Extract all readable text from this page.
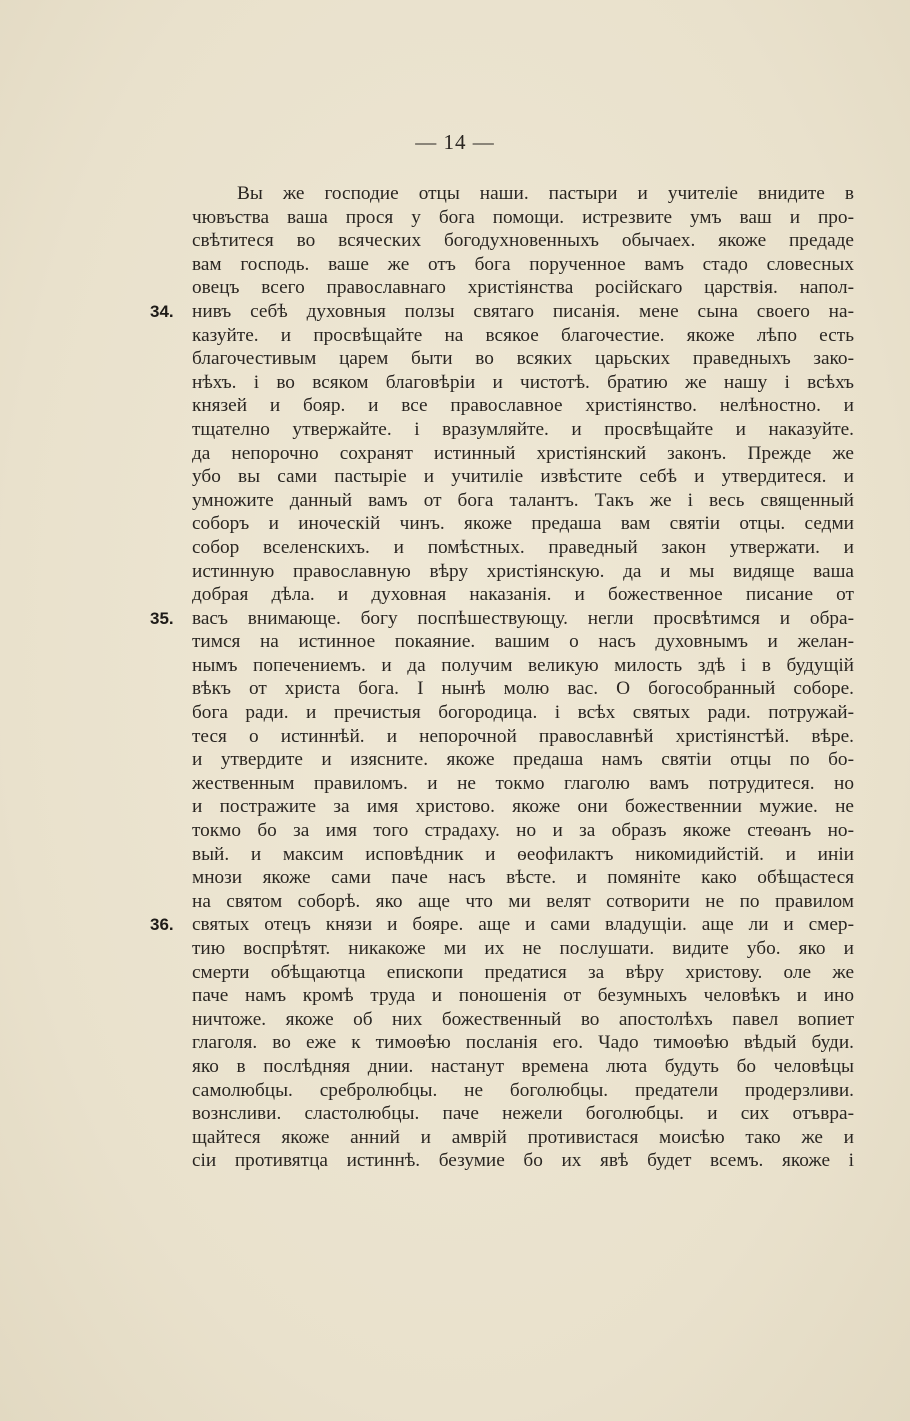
— 14 —
Вы же господие отцы наши. пастыри и учителіе внидите в
чювъства ваша прося у бога помощи. истрезвите умъ ваш и про-
свѣтитеся во всяческих богодухновенныхъ обычаех. якоже предаде
вам господь. ваше же отъ бога порученное вамъ стадо словесных
овецъ всего православнаго христіянства російскаго царствія. напол-
34. нивъ себѣ духовныя ползы святаго писанія. мене сына своего на-
казуйте. и просвѣщайте на всякое благочестие. якоже лѣпо есть
благочестивым царем быти во всяких царьских праведныхъ зако-
нѣхъ. і во всяком благовѣріи и чистотѣ. братию же нашу і всѣхъ
князей и бояр. и все православное христіянство. нелѣностно. и
тщателно утвержайте. і вразумляйте. и просвѣщайте и наказуйте.
да непорочно сохранят истинный христіянский законъ. Прежде же
убо вы сами пастыріе и учитиліе извѣстите себѣ и утвердитеся. и
умножите данный вамъ от бога талантъ. Такъ же і весь священный
соборъ и иноческій чинъ. якоже предаша вам святіи отцы. седми
собор вселенскихъ. и помѣстных. праведный закон утвержати. и
истинную православную вѣру христіянскую. да и мы видяще ваша
добрая дѣла. и духовная наказанія. и божественное писание от
35. васъ внимающе. богу поспѣшествующу. негли просвѣтимся и обра-
тимся на истинное покаяние. вашим о насъ духовнымъ и желан-
нымъ попечениемъ. и да получим великую милость здѣ і в будущій
вѣкъ от христа бога. І нынѣ молю вас. О богособранный соборе.
бога ради. и пречистыя богородица. і всѣх святых ради. потружай-
теся о истиннѣй. и непорочной православнѣй христіянстѣй. вѣре.
и утвердите и изясните. якоже предаша намъ святіи отцы по бо-
жественным правиломъ. и не токмо глаголю вамъ потрудитеся. но
и постражите за имя христово. якоже они божественнии мужие. не
токмо бо за имя того страдаху. но и за образъ якоже стеѳанъ но-
вый. и максим исповѣдник и ѳеофилактъ никомидийстій. и иніи
мнози якоже сами паче насъ вѣсте. и помяніте како обѣщастеся
на святом соборѣ. яко аще что ми велят сотворити не по правилом
36. святых отецъ князи и бояре. аще и сами владущіи. аще ли и смер-
тию воспрѣтят. никакоже ми их не послушати. видите убо. яко и
смерти обѣщаютца епископи предатися за вѣру христову. оле же
паче намъ кромѣ труда и поношенія от безумныхъ человѣкъ и ино
ничтоже. якоже об них божественный во апостолѣхъ павел вопиет
глаголя. во еже к тимоѳѣю посланія его. Чадо тимоѳѣю вѣдый буди.
яко в послѣдняя днии. настанут времена люта будуть бо человѣцы
самолюбцы. сребролюбцы. не боголюбцы. предатели продерзливи.
вознсливи. сластолюбцы. паче нежели боголюбцы. и сих отъвра-
щайтеся якоже анний и амврій противистася моисѣю тако же и
сіи противятца истиннѣ. безумие бо их явѣ будет всемъ. якоже і
